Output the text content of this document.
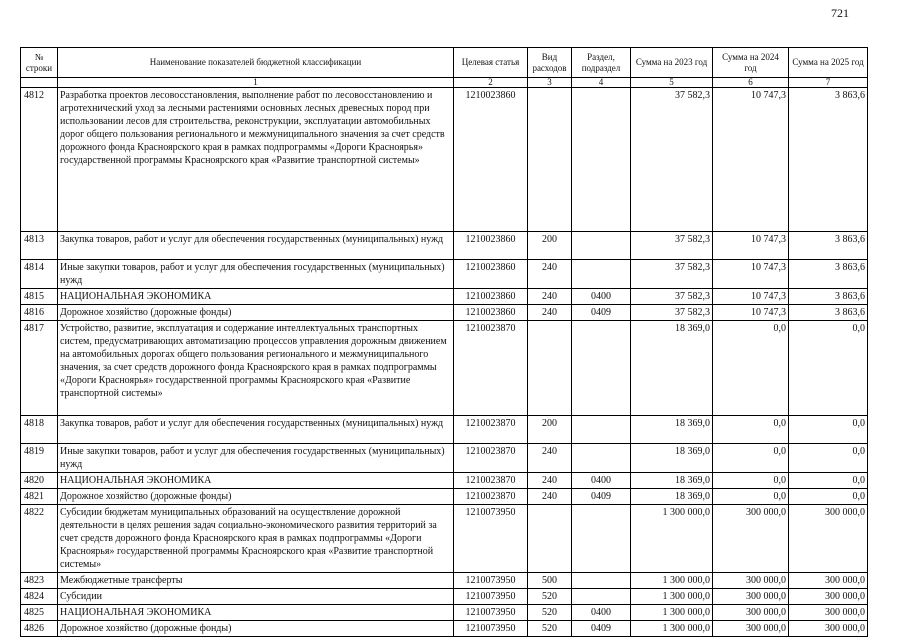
721
№ строки	Наименование показателей бюджетной классификации	Целевая статья	Вид расходов	Раздел, подраздел	Сумма на 2023 год	Сумма на 2024 год	Сумма на 2025 год
	1	2	3	4	5	6	7
4812	Разработка проектов лесовосстановления, выполнение работ по лесовосстановлению и агротехнический уход за лесными растениями основных лесных древесных пород при использовании лесов для строительства, реконструкции, эксплуатации автомобильных дорог общего пользования регионального и межмуниципального значения за счет средств дорожного фонда Красноярского края в рамках подпрограммы «Дороги Красноярья» государственной программы Красноярского края «Развитие транспортной системы»	1210023860			37 582,3	10 747,3	3 863,6
4813	Закупка товаров, работ и услуг для обеспечения государственных (муниципальных) нужд	1210023860	200		37 582,3	10 747,3	3 863,6
4814	Иные закупки товаров, работ и услуг для обеспечения государственных (муниципальных) нужд	1210023860	240		37 582,3	10 747,3	3 863,6
4815	НАЦИОНАЛЬНАЯ ЭКОНОМИКА	1210023860	240	0400	37 582,3	10 747,3	3 863,6
4816	Дорожное хозяйство (дорожные фонды)	1210023860	240	0409	37 582,3	10 747,3	3 863,6
4817	Устройство, развитие, эксплуатация и содержание интеллектуальных транспортных систем, предусматривающих автоматизацию процессов управления дорожным движением на автомобильных дорогах общего пользования регионального и межмуниципального значения, за счет средств дорожного фонда Красноярского края в рамках подпрограммы «Дороги Красноярья» государственной программы Красноярского края «Развитие транспортной системы»	1210023870			18 369,0	0,0	0,0
4818	Закупка товаров, работ и услуг для обеспечения государственных (муниципальных) нужд	1210023870	200		18 369,0	0,0	0,0
4819	Иные закупки товаров, работ и услуг для обеспечения государственных (муниципальных) нужд	1210023870	240		18 369,0	0,0	0,0
4820	НАЦИОНАЛЬНАЯ ЭКОНОМИКА	1210023870	240	0400	18 369,0	0,0	0,0
4821	Дорожное хозяйство (дорожные фонды)	1210023870	240	0409	18 369,0	0,0	0,0
4822	Субсидии бюджетам муниципальных образований на осуществление дорожной деятельности в целях решения задач социально-экономического развития территорий за счет средств дорожного фонда Красноярского края в рамках подпрограммы «Дороги Красноярья» государственной программы Красноярского края «Развитие транспортной системы»	1210073950			1 300 000,0	300 000,0	300 000,0
4823	Межбюджетные трансферты	1210073950	500		1 300 000,0	300 000,0	300 000,0
4824	Субсидии	1210073950	520		1 300 000,0	300 000,0	300 000,0
4825	НАЦИОНАЛЬНАЯ ЭКОНОМИКА	1210073950	520	0400	1 300 000,0	300 000,0	300 000,0
4826	Дорожное хозяйство (дорожные фонды)	1210073950	520	0409	1 300 000,0	300 000,0	300 000,0
